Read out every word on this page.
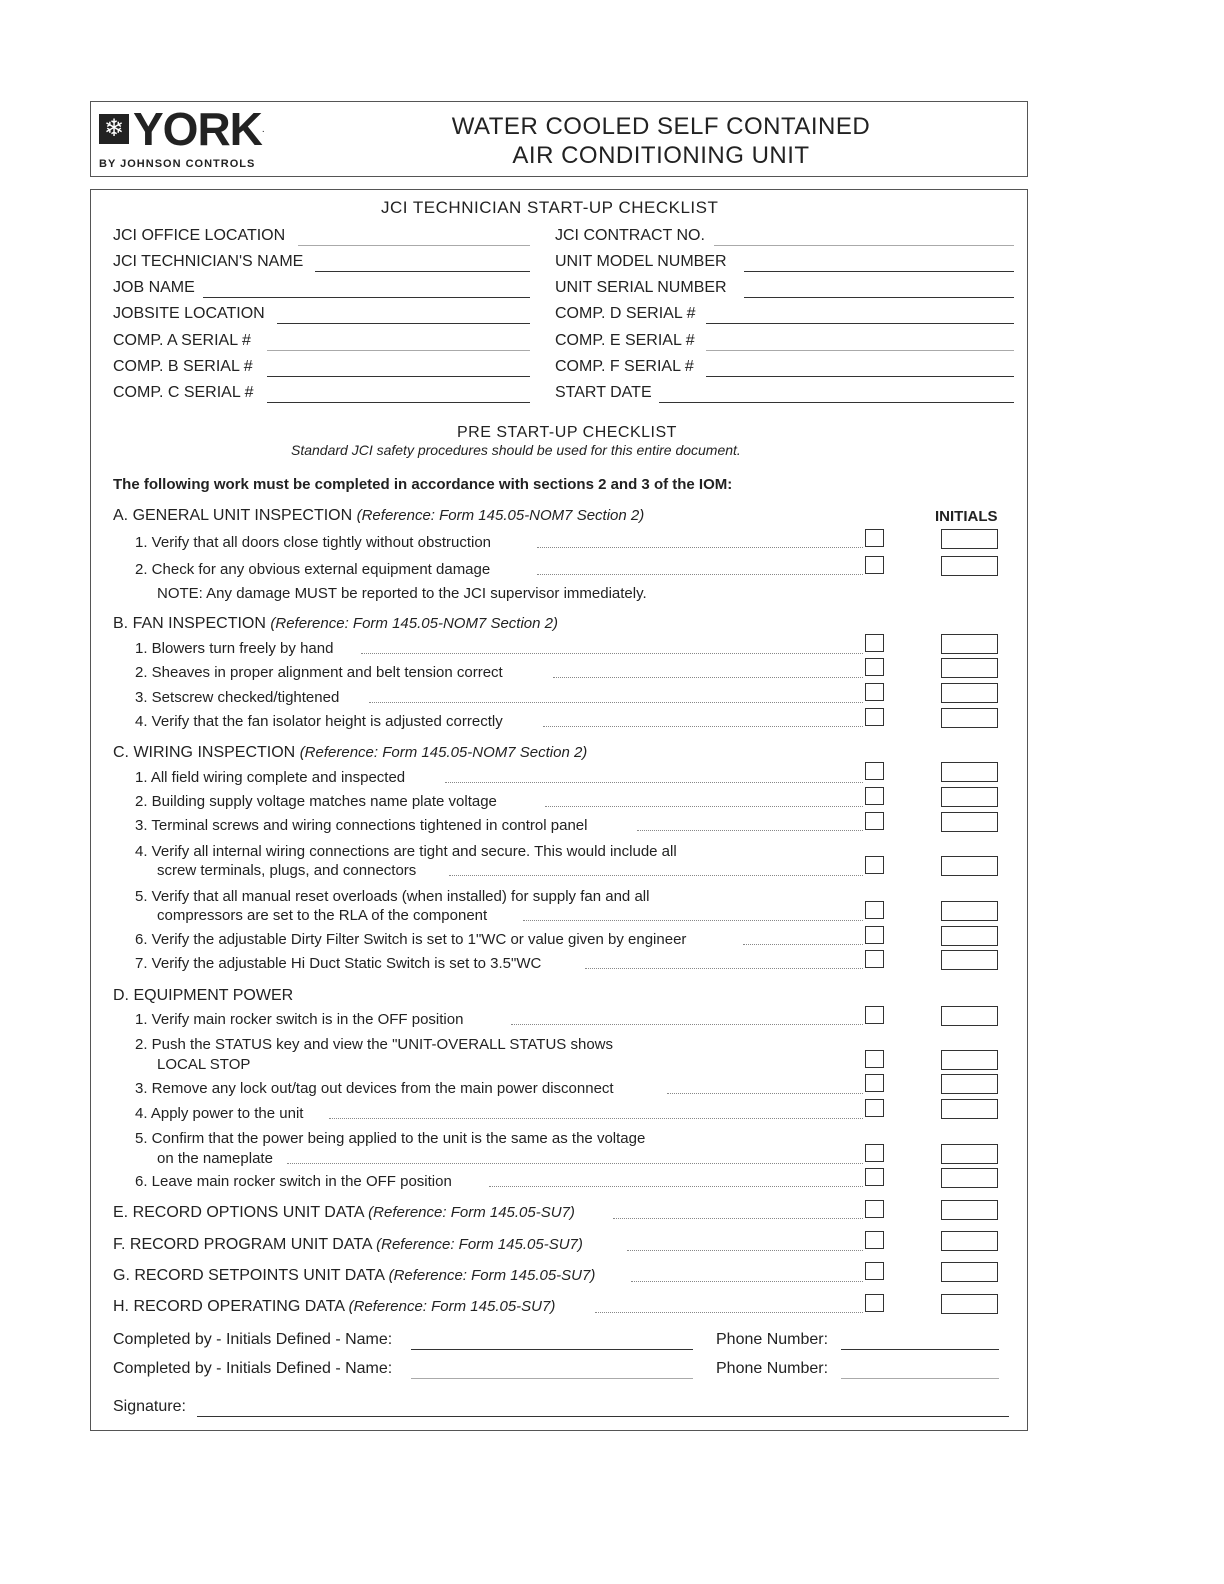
❄ YORK .
BY JOHNSON CONTROLS
WATER COOLED SELF CONTAINED
AIR CONDITIONING UNIT
JCI TECHNICIAN START-UP CHECKLIST
JCI OFFICE LOCATION
JCI TECHNICIAN'S NAME
JOB NAME
JOBSITE LOCATION
COMP. A SERIAL #
COMP. B SERIAL #
COMP. C SERIAL #
JCI CONTRACT NO.
UNIT MODEL NUMBER
UNIT SERIAL NUMBER
COMP. D SERIAL #
COMP. E SERIAL #
COMP. F SERIAL #
START DATE
PRE START-UP CHECKLIST
Standard JCI safety procedures should be used for this entire document.
The following work must be completed in accordance with sections 2 and 3 of the IOM:
INITIALS
A. GENERAL UNIT INSPECTION (Reference: Form 145.05-NOM7 Section 2)
1. Verify that all doors close tightly without obstruction
2. Check for any obvious external equipment damage
NOTE: Any damage MUST be reported to the JCI supervisor immediately.
B. FAN INSPECTION (Reference: Form 145.05-NOM7 Section 2)
1. Blowers turn freely by hand
2. Sheaves in proper alignment and belt tension correct
3. Setscrew checked/tightened
4. Verify that the fan isolator height is adjusted correctly
C. WIRING INSPECTION (Reference: Form 145.05-NOM7 Section 2)
1. All field wiring complete and inspected
2. Building supply voltage matches name plate voltage
3. Terminal screws and wiring connections tightened in control panel
4. Verify all internal wiring connections are tight and secure. This would include all
screw terminals, plugs, and connectors
5. Verify that all manual reset overloads (when installed) for supply fan and all
compressors are set to the RLA of the component
6. Verify the adjustable Dirty Filter Switch is set to 1"WC or value given by engineer
7. Verify the adjustable Hi Duct Static Switch is set to 3.5"WC
D. EQUIPMENT POWER
1. Verify main rocker switch is in the OFF position
2. Push the STATUS key and view the "UNIT-OVERALL STATUS shows
LOCAL STOP
3. Remove any lock out/tag out devices from the main power disconnect
4. Apply power to the unit
5. Confirm that the power being applied to the unit is the same as the voltage
on the nameplate
6. Leave main rocker switch in the OFF position
E. RECORD OPTIONS UNIT DATA (Reference: Form 145.05-SU7)
F. RECORD PROGRAM UNIT DATA (Reference: Form 145.05-SU7)
G. RECORD SETPOINTS UNIT DATA (Reference: Form 145.05-SU7)
H. RECORD OPERATING DATA (Reference: Form 145.05-SU7)
Completed by - Initials Defined - Name:	Phone Number:
Completed by - Initials Defined - Name:	Phone Number:
Signature:
